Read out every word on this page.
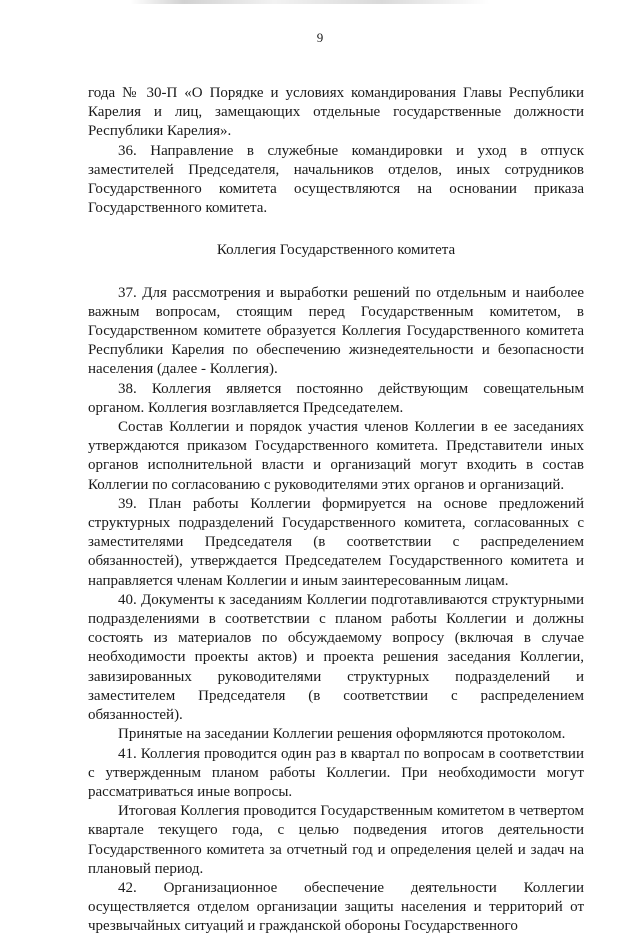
9

года № 30-П «О Порядке и условиях командирования Главы Республики Карелия и лиц, замещающих отдельные государственные должности Республики Карелия».

36. Направление в служебные командировки и уход в отпуск заместителей Председателя, начальников отделов, иных сотрудников Государственного комитета осуществляются на основании приказа Государственного комитета.

Коллегия Государственного комитета

37. Для рассмотрения и выработки решений по отдельным и наиболее важным вопросам, стоящим перед Государственным комитетом, в Государственном комитете образуется Коллегия Государственного комитета Республики Карелия по обеспечению жизнедеятельности и безопасности населения (далее - Коллегия).

38. Коллегия является постоянно действующим совещательным органом. Коллегия возглавляется Председателем.

Состав Коллегии и порядок участия членов Коллегии в ее заседаниях утверждаются приказом Государственного комитета. Представители иных органов исполнительной власти и организаций могут входить в состав Коллегии по согласованию с руководителями этих органов и организаций.

39. План работы Коллегии формируется на основе предложений структурных подразделений Государственного комитета, согласованных с заместителями Председателя (в соответствии с распределением обязанностей), утверждается Председателем Государственного комитета и направляется членам Коллегии и иным заинтересованным лицам.

40. Документы к заседаниям Коллегии подготавливаются структурными подразделениями в соответствии с планом работы Коллегии и должны состоять из материалов по обсуждаемому вопросу (включая в случае необходимости проекты актов) и проекта решения заседания Коллегии, завизированных руководителями структурных подразделений и заместителем Председателя (в соответствии с распределением обязанностей).

Принятые на заседании Коллегии решения оформляются протоколом.

41. Коллегия проводится один раз в квартал по вопросам в соответствии с утвержденным планом работы Коллегии. При необходимости могут рассматриваться иные вопросы.

Итоговая Коллегия проводится Государственным комитетом в четвертом квартале текущего года, с целью подведения итогов деятельности Государственного комитета за отчетный год и определения целей и задач на плановый период.

42. Организационное обеспечение деятельности Коллегии осуществляется отделом организации защиты населения и территорий от чрезвычайных ситуаций и гражданской обороны Государственного
